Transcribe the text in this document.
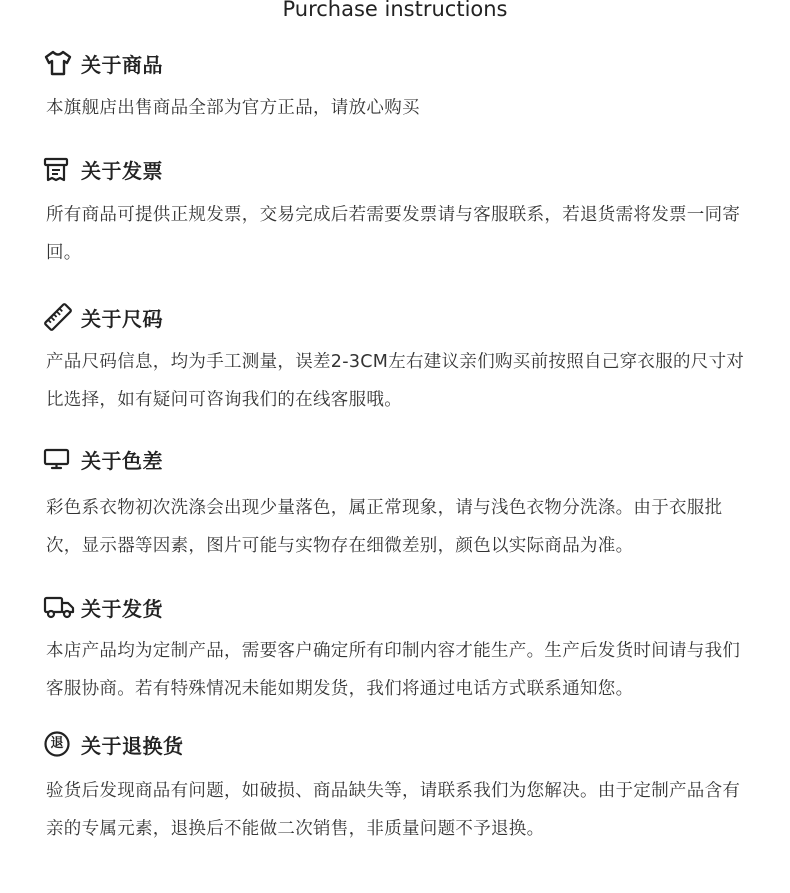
Purchase instructions
关于商品
本旗舰店出售商品全部为官方正品，请放心购买
关于发票
所有商品可提供正规发票，交易完成后若需要发票请与客服联系，若退货需将发票一同寄回。
关于尺码
产品尺码信息，均为手工测量，误差2-3CM左右建议亲们购买前按照自己穿衣服的尺寸对比选择，如有疑问可咨询我们的在线客服哦。
关于色差
彩色系衣物初次洗涤会出现少量落色，属正常现象，请与浅色衣物分洗涤。由于衣服批次，显示器等因素，图片可能与实物存在细微差别，颜色以实际商品为准。
关于发货
本店产品均为定制产品，需要客户确定所有印制内容才能生产。生产后发货时间请与我们客服协商。若有特殊情况未能如期发货，我们将通过电话方式联系通知您。
退 关于退换货
验货后发现商品有问题，如破损、商品缺失等，请联系我们为您解决。由于定制产品含有亲的专属元素，退换后不能做二次销售，非质量问题不予退换。
